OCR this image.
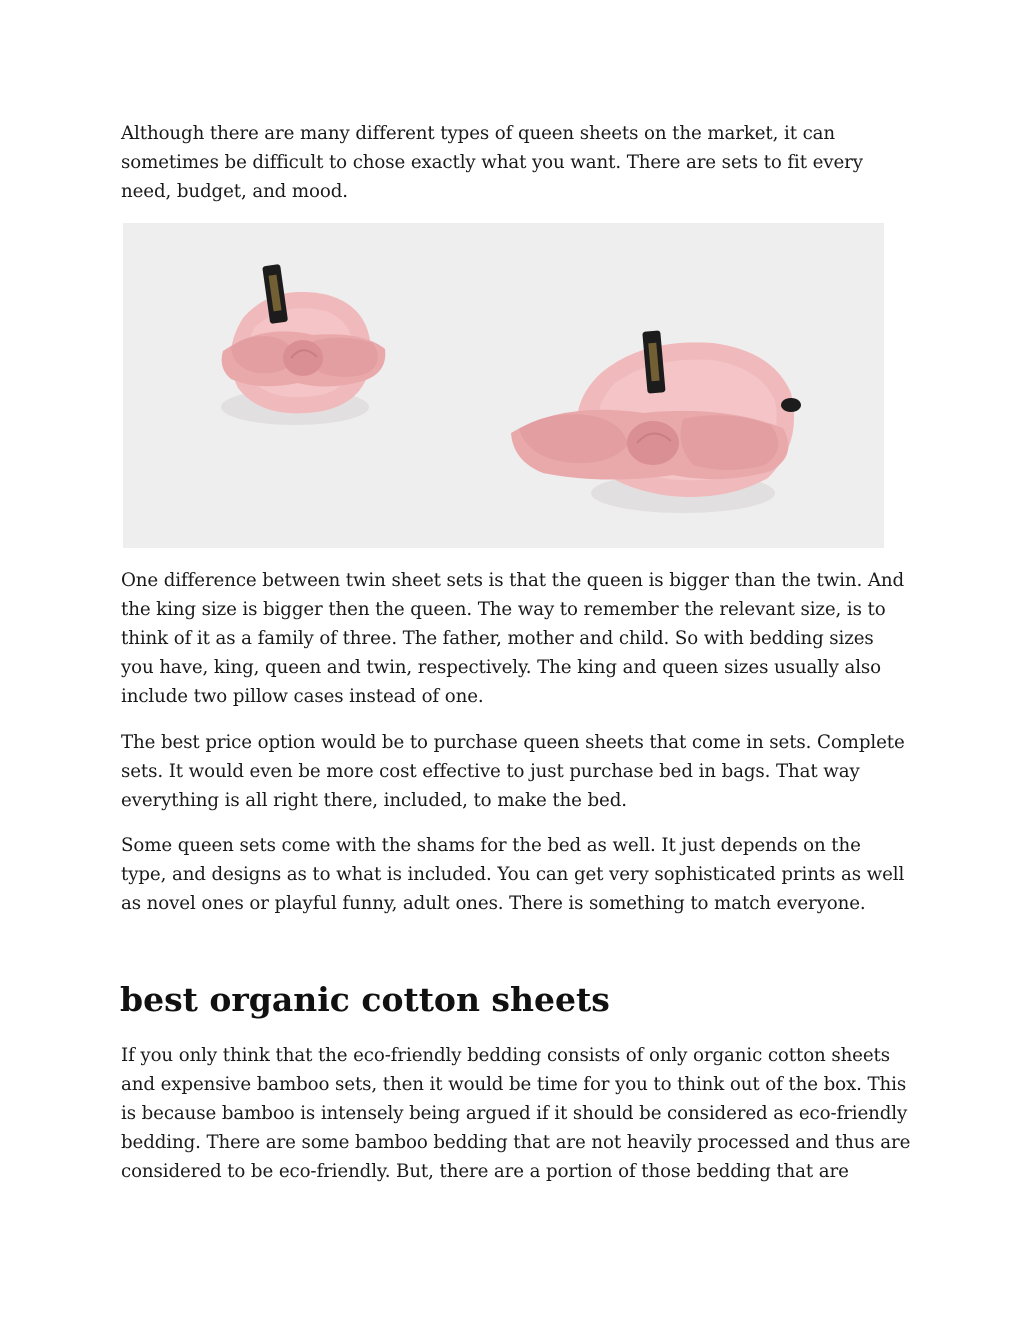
Although there are many different types of queen sheets on the market, it can sometimes be difficult to chose exactly what you want. There are sets to fit every need, budget, and mood.

One difference between twin sheet sets is that the queen is bigger than the twin. And the king size is bigger then the queen. The way to remember the relevant size, is to think of it as a family of three. The father, mother and child. So with bedding sizes you have, king, queen and twin, respectively. The king and queen sizes usually also include two pillow cases instead of one.

The best price option would be to purchase queen sheets that come in sets. Complete sets. It would even be more cost effective to just purchase bed in bags. That way everything is all right there, included, to make the bed.

Some queen sets come with the shams for the bed as well. It just depends on the type, and designs as to what is included. You can get very sophisticated prints as well as novel ones or playful funny, adult ones. There is something to match everyone.

best organic cotton sheets

If you only think that the eco-friendly bedding consists of only organic cotton sheets and expensive bamboo sets, then it would be time for you to think out of the box. This is because bamboo is intensely being argued if it should be considered as eco-friendly bedding. There are some bamboo bedding that are not heavily processed and thus are considered to be eco-friendly. But, there are a portion of those bedding that are
